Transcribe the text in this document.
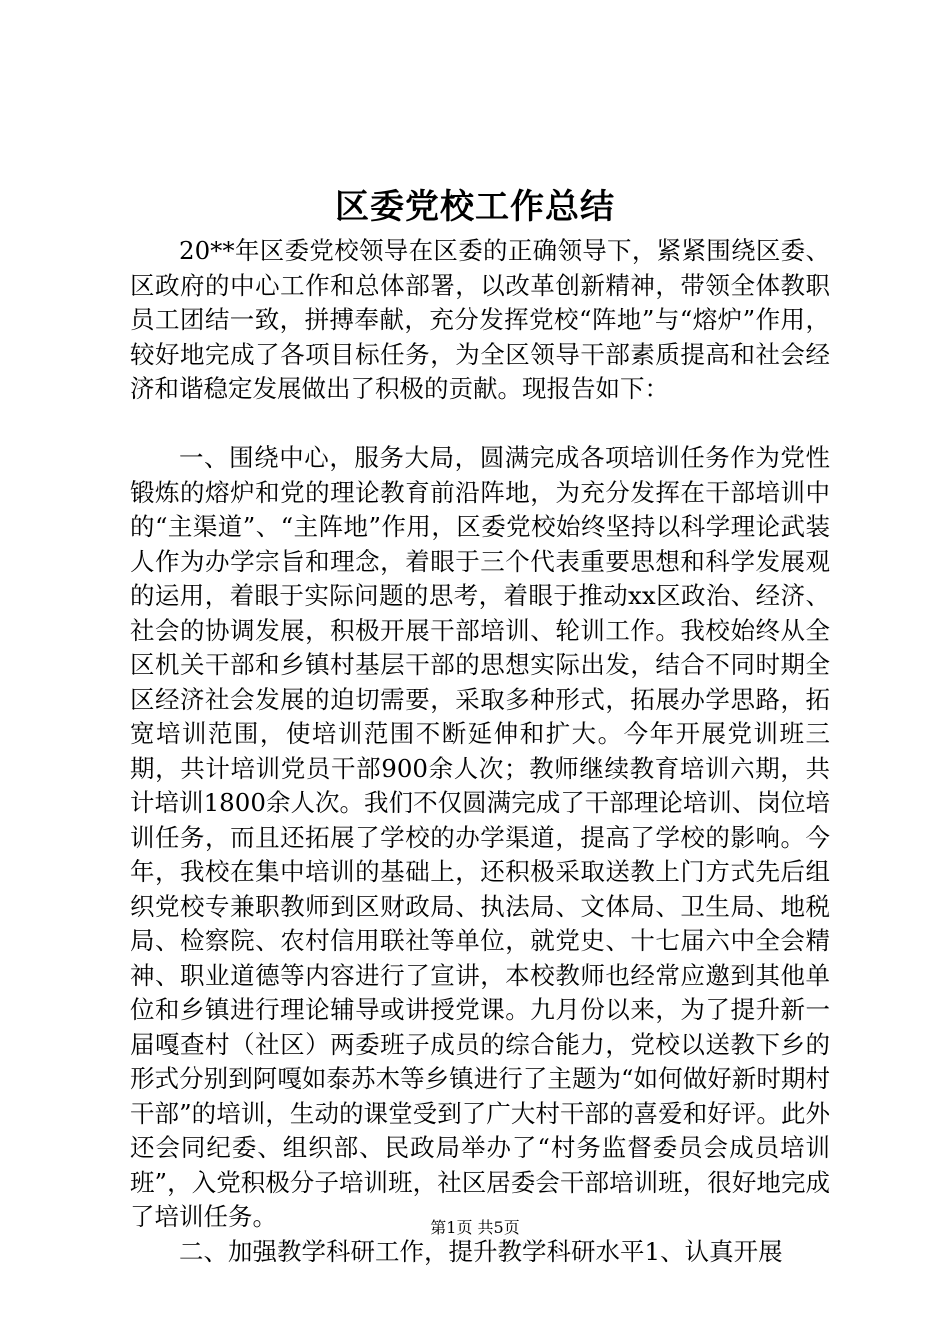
区委党校工作总结

20**年区委党校领导在区委的正确领导下，紧紧围绕区委、区政府的中心工作和总体部署，以改革创新精神，带领全体教职员工团结一致，拼搏奉献，充分发挥党校“阵地”与“熔炉”作用，较好地完成了各项目标任务，为全区领导干部素质提高和社会经济和谐稳定发展做出了积极的贡献。现报告如下：

一、围绕中心，服务大局，圆满完成各项培训任务作为党性锻炼的熔炉和党的理论教育前沿阵地，为充分发挥在干部培训中的“主渠道”、“主阵地”作用，区委党校始终坚持以科学理论武装人作为办学宗旨和理念，着眼于三个代表重要思想和科学发展观的运用，着眼于实际问题的思考，着眼于推动xx区政治、经济、社会的协调发展，积极开展干部培训、轮训工作。我校始终从全区机关干部和乡镇村基层干部的思想实际出发，结合不同时期全区经济社会发展的迫切需要，采取多种形式，拓展办学思路，拓宽培训范围，使培训范围不断延伸和扩大。今年开展党训班三期，共计培训党员干部900余人次；教师继续教育培训六期，共计培训1800余人次。我们不仅圆满完成了干部理论培训、岗位培训任务，而且还拓展了学校的办学渠道，提高了学校的影响。今年，我校在集中培训的基础上，还积极采取送教上门方式先后组织党校专兼职教师到区财政局、执法局、文体局、卫生局、地税局、检察院、农村信用联社等单位，就党史、十七届六中全会精神、职业道德等内容进行了宣讲，本校教师也经常应邀到其他单位和乡镇进行理论辅导或讲授党课。九月份以来，为了提升新一届嘎查村（社区）两委班子成员的综合能力，党校以送教下乡的形式分别到阿嘎如泰苏木等乡镇进行了主题为“如何做好新时期村干部”的培训，生动的课堂受到了广大村干部的喜爱和好评。此外还会同纪委、组织部、民政局举办了“村务监督委员会成员培训班”，入党积极分子培训班，社区居委会干部培训班，很好地完成了培训任务。

二、加强教学科研工作，提升教学科研水平1、认真开展

第1页 共5页
